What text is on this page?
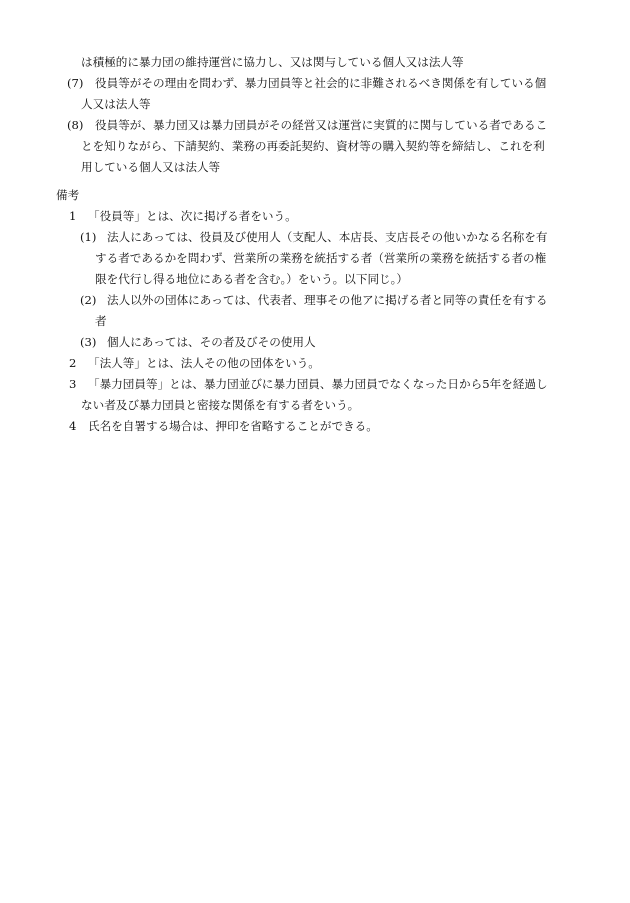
は積極的に暴力団の維持運営に協力し、又は関与している個人又は法人等
(7) 役員等がその理由を問わず、暴力団員等と社会的に非難されるべき関係を有している個
人又は法人等
(8) 役員等が、暴力団又は暴力団員がその経営又は運営に実質的に関与している者であるこ
とを知りながら、下請契約、業務の再委託契約、資材等の購入契約等を締結し、これを利
用している個人又は法人等
備考
1 「役員等」とは、次に掲げる者をいう。
(1) 法人にあっては、役員及び使用人（支配人、本店長、支店長その他いかなる名称を有
する者であるかを問わず、営業所の業務を統括する者（営業所の業務を統括する者の権
限を代行し得る地位にある者を含む。）をいう。以下同じ。）
(2) 法人以外の団体にあっては、代表者、理事その他アに掲げる者と同等の責任を有する
者
(3) 個人にあっては、その者及びその使用人
2 「法人等」とは、法人その他の団体をいう。
3 「暴力団員等」とは、暴力団並びに暴力団員、暴力団員でなくなった日から5年を経過し
ない者及び暴力団員と密接な関係を有する者をいう。
4 氏名を自署する場合は、押印を省略することができる。
